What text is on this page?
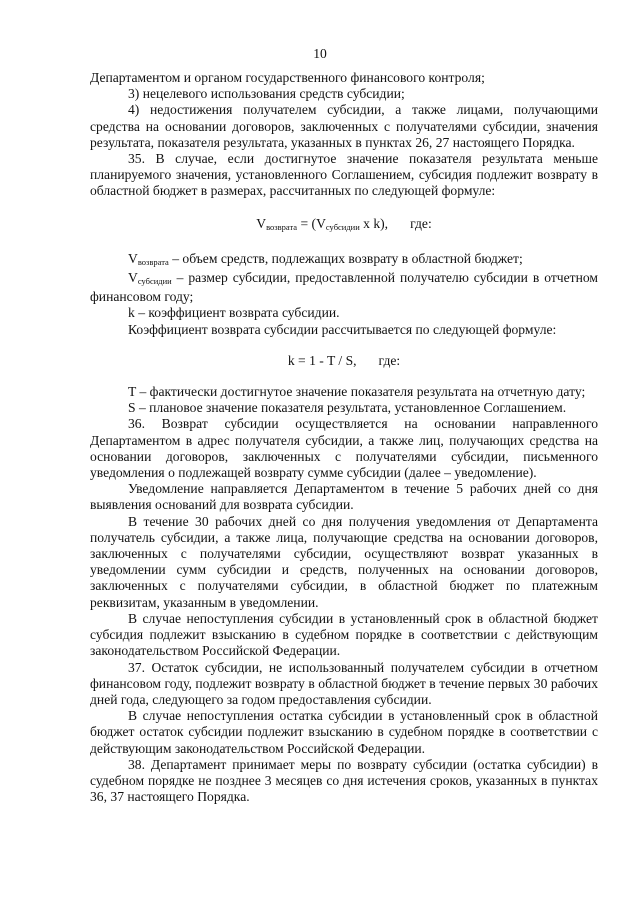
10

Департаментом и органом государственного финансового контроля;

3) нецелевого использования средств субсидии;

4) недостижения получателем субсидии, а также лицами, получающими средства на основании договоров, заключенных с получателями субсидии, значения результата, показателя результата, указанных в пунктах 26, 27 настоящего Порядка.

35. В случае, если достигнутое значение показателя результата меньше планируемого значения, установленного Соглашением, субсидия подлежит возврату в областной бюджет в размерах, рассчитанных по следующей формуле:

$V_{возврата} = (V_{субсидии}$ x k), где:

$V_{возврата}$ – объем средств, подлежащих возврату в областной бюджет;

$V_{субсидии}$ – размер субсидии, предоставленной получателю субсидии в отчетном финансовом году;

k – коэффициент возврата субсидии.

Коэффициент возврата субсидии рассчитывается по следующей формуле:

k = 1 - T / S, где:

T – фактически достигнутое значение показателя результата на отчетную дату;

S – плановое значение показателя результата, установленное Соглашением.

36. Возврат субсидии осуществляется на основании направленного Департаментом в адрес получателя субсидии, а также лиц, получающих средства на основании договоров, заключенных с получателями субсидии, письменного уведомления о подлежащей возврату сумме субсидии (далее – уведомление).

Уведомление направляется Департаментом в течение 5 рабочих дней со дня выявления оснований для возврата субсидии.

В течение 30 рабочих дней со дня получения уведомления от Департамента получатель субсидии, а также лица, получающие средства на основании договоров, заключенных с получателями субсидии, осуществляют возврат указанных в уведомлении сумм субсидии и средств, полученных на основании договоров, заключенных с получателями субсидии, в областной бюджет по платежным реквизитам, указанным в уведомлении.

В случае непоступления субсидии в установленный срок в областной бюджет субсидия подлежит взысканию в судебном порядке в соответствии с действующим законодательством Российской Федерации.

37. Остаток субсидии, не использованный получателем субсидии в отчетном финансовом году, подлежит возврату в областной бюджет в течение первых 30 рабочих дней года, следующего за годом предоставления субсидии.

В случае непоступления остатка субсидии в установленный срок в областной бюджет остаток субсидии подлежит взысканию в судебном порядке в соответствии с действующим законодательством Российской Федерации.

38. Департамент принимает меры по возврату субсидии (остатка субсидии) в судебном порядке не позднее 3 месяцев со дня истечения сроков, указанных в пунктах 36, 37 настоящего Порядка.
